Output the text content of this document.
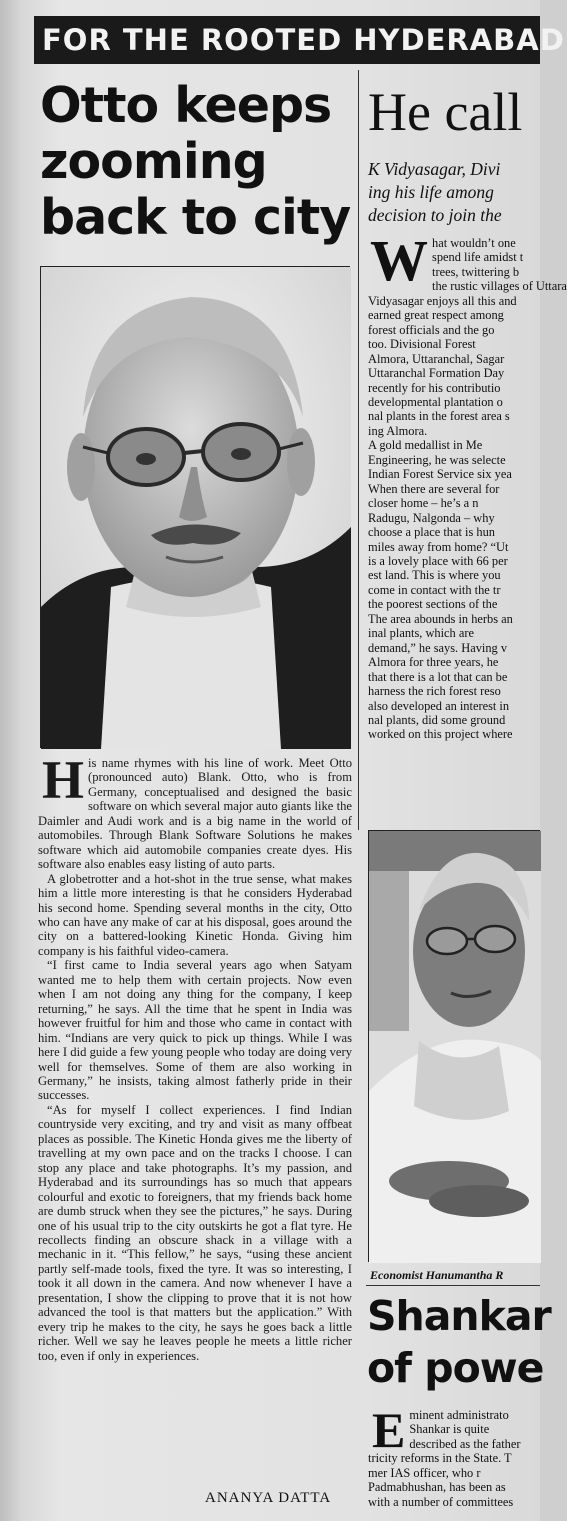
FOR THE ROOTED HYDERABAD
Otto keeps
zooming
back to city

His name rhymes with his line of work. Meet Otto (pronounced auto) Blank. Otto, who is from Germany, conceptualised and designed the basic software on which several major auto giants like the Daimler and Audi work and is a big name in the world of automobiles. Through Blank Software Solutions he makes software which aid automobile companies create dyes. His software also enables easy listing of auto parts.

A globetrotter and a hot-shot in the true sense, what makes him a little more interesting is that he considers Hyderabad his second home. Spending several months in the city, Otto who can have any make of car at his disposal, goes around the city on a battered-looking Kinetic Honda. Giving him company is his faithful video-camera.

“I first came to India several years ago when Satyam wanted me to help them with certain projects. Now even when I am not doing any thing for the company, I keep returning,” he says. All the time that he spent in India was however fruitful for him and those who came in contact with him. “Indians are very quick to pick up things. While I was here I did guide a few young people who today are doing very well for themselves. Some of them are also working in Germany,” he insists, taking almost fatherly pride in their successes.

“As for myself I collect experiences. I find Indian countryside very exciting, and try and visit as many offbeat places as possible. The Kinetic Honda gives me the liberty of travelling at my own pace and on the tracks I choose. I can stop any place and take photographs. It’s my passion, and Hyderabad and its surroundings has so much that appears colourful and exotic to foreigners, that my friends back home are dumb struck when they see the pictures,” he says. During one of his usual trip to the city outskirts he got a flat tyre. He recollects finding an obscure shack in a village with a mechanic in it. “This fellow,” he says, “using these ancient partly self-made tools, fixed the tyre. It was so interesting, I took it all down in the camera. And now whenever I have a presentation, I show the clipping to prove that it is not how advanced the tool is that matters but the application.” With every trip he makes to the city, he says he goes back a little richer. Well we say he leaves people he meets a little richer too, even if only in experiences.

ANANYA DATTA
He call
K Vidyasagar, Divi
ing his life among
decision to join the
W hat wouldn’t one
spend life amidst t
trees, twittering b
the rustic villages of Uttara
Vidyasagar enjoys all this and
earned great respect among
forest officials and the go
too. Divisional Forest
Almora, Uttaranchal, Sagar
Uttaranchal Formation Day
recently for his contributio
developmental plantation o
nal plants in the forest area s
ing Almora.
A gold medallist in Me
Engineering, he was selecte
Indian Forest Service six yea
When there are several for
closer home – he’s a n
Radugu, Nalgonda – why
choose a place that is hun
miles away from home? “Ut
is a lovely place with 66 per
est land. This is where you
come in contact with the tr
the poorest sections of the
The area abounds in herbs an
inal plants, which are
demand,” he says. Having v
Almora for three years, he
that there is a lot that can be
harness the rich forest reso
also developed an interest in
nal plants, did some ground
worked on this project where
Economist Hanumantha R
Shankar
of powe
E minent administrato
Shankar is quite
described as the father
tricity reforms in the State. T
mer IAS officer, who r
Padmabhushan, has been as
with a number of committees
